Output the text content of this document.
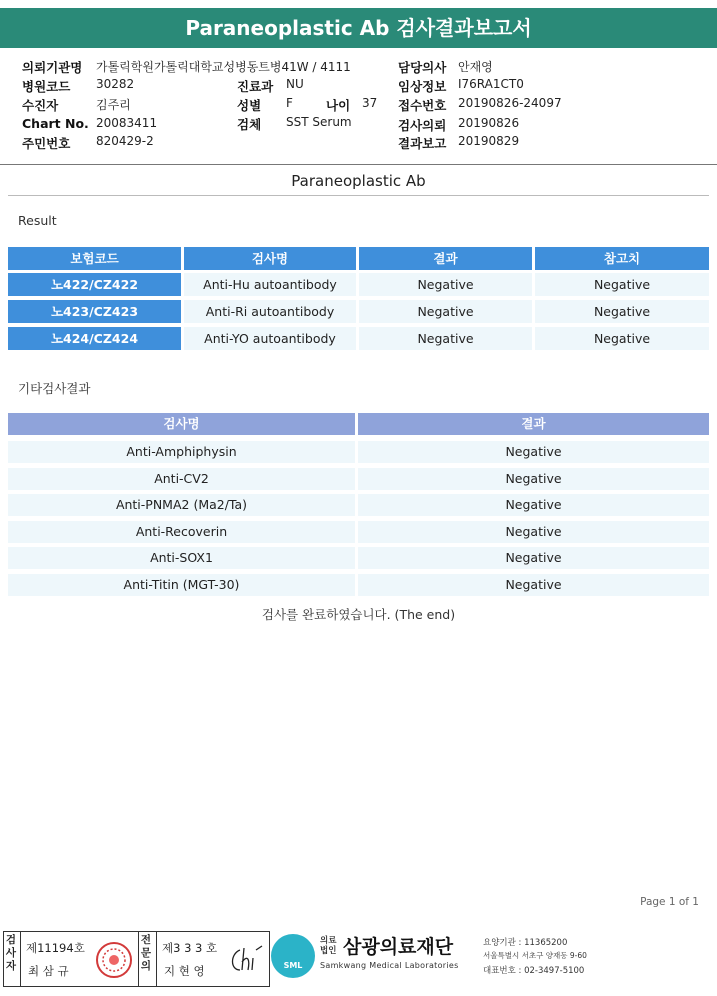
Paraneoplastic Ab 검사결과보고서
의뢰기관명 가톨릭학원가톨릭대학교성병동트병41W / 4111	담당의사 안재영
병원코드 30282	진료과 NU	임상정보 I76RA1CT0
수진자	김주리	성별 F	나이 37 접수번호 20190826-24097
Chart No. 20083411	검체 SST Serum	검사의뢰 20190826
주민번호 820429-2	결과보고 20190829
Paraneoplastic Ab
Result
보험코드	검사명	결과	참고치
노422/CZ422	Anti-Hu autoantibody	Negative	Negative
노423/CZ423	Anti-Ri autoantibody	Negative	Negative
노424/CZ424	Anti-YO autoantibody	Negative	Negative
기타검사결과
검사명	결과
Anti-Amphiphysin	Negative
Anti-CV2	Negative
Anti-PNMA2 (Ma2/Ta)	Negative
Anti-Recoverin	Negative
Anti-SOX1	Negative
Anti-Titin (MGT-30)	Negative
검사를 완료하였습니다. (The end)
Page 1 of 1
검사자
제11194호
최 삼 규
전문의
제3 3 3 호
지 현 영	SML
의료
법인 삼광의료재단
Samkwang Medical Laboratories
요양기관 : 11365200
서울특별시 서초구 양재동 9-60
대표번호 : 02-3497-5100
